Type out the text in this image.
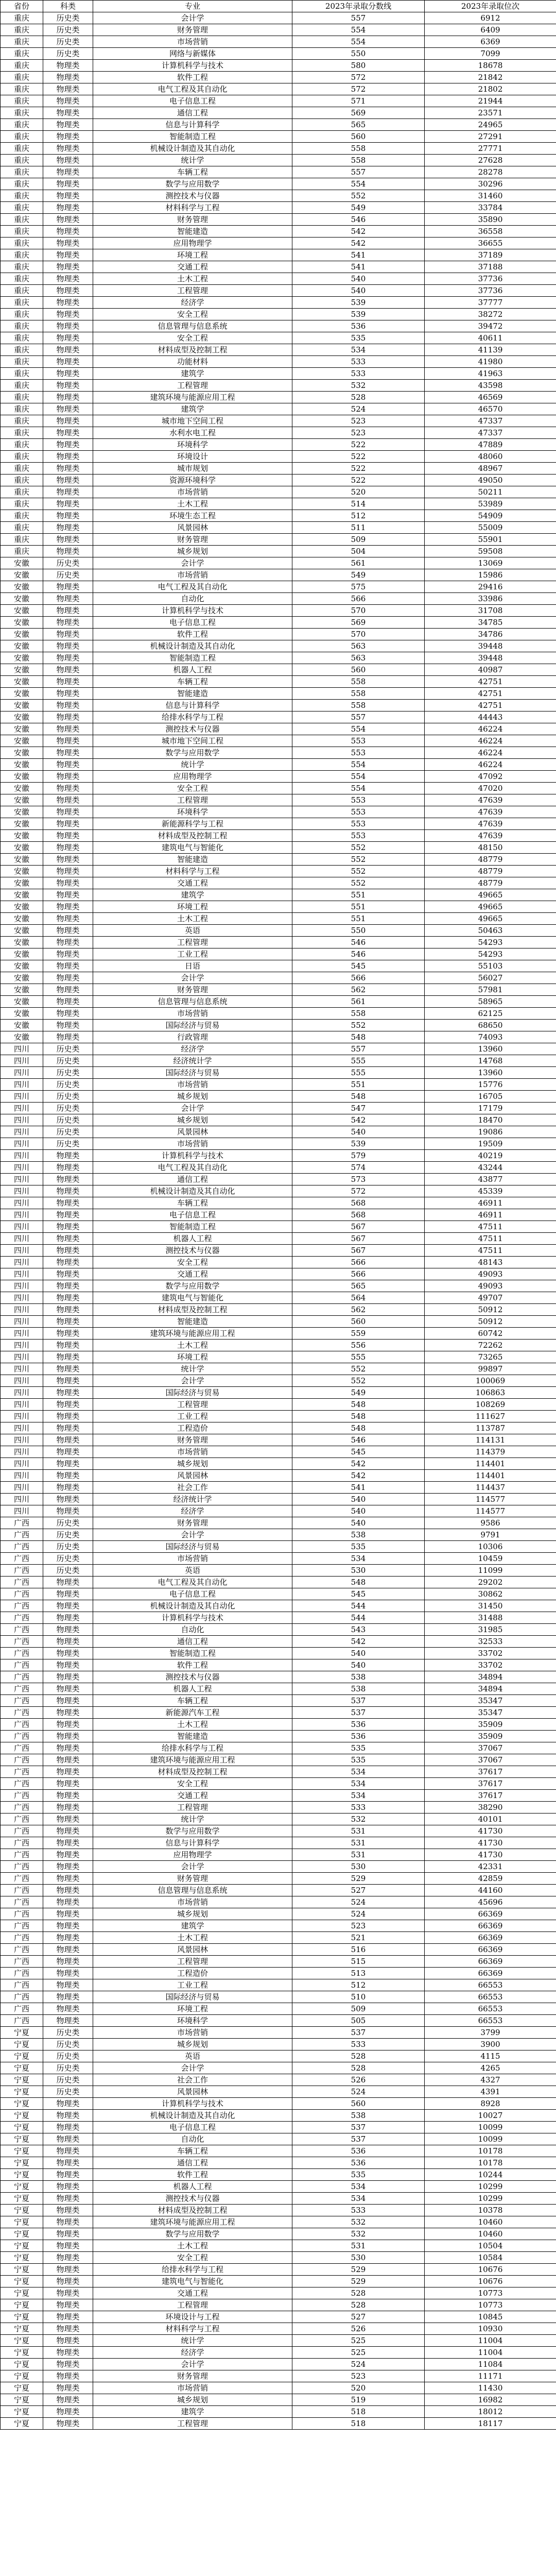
省份	科类	专业	2023年录取分数线	2023年录取位次
重庆	历史类	会计学	557	6912
重庆	历史类	财务管理	554	6409
重庆	历史类	市场营销	554	6369
重庆	历史类	网络与新媒体	550	7099
重庆	物理类	计算机科学与技术	580	18678
重庆	物理类	软件工程	572	21842
重庆	物理类	电气工程及其自动化	572	21802
重庆	物理类	电子信息工程	571	21944
重庆	物理类	通信工程	569	23571
重庆	物理类	信息与计算科学	565	24965
重庆	物理类	智能制造工程	560	27291
重庆	物理类	机械设计制造及其自动化	558	27771
重庆	物理类	统计学	558	27628
重庆	物理类	车辆工程	557	28278
重庆	物理类	数学与应用数学	554	30296
重庆	物理类	测控技术与仪器	552	31460
重庆	物理类	材料科学与工程	549	33784
重庆	物理类	财务管理	546	35890
重庆	物理类	智能建造	542	36558
重庆	物理类	应用物理学	542	36655
重庆	物理类	环境工程	541	37189
重庆	物理类	交通工程	541	37188
重庆	物理类	土木工程	540	37736
重庆	物理类	工程管理	540	37736
重庆	物理类	经济学	539	37777
重庆	物理类	安全工程	539	38272
重庆	物理类	信息管理与信息系统	536	39472
重庆	物理类	安全工程	535	40611
重庆	物理类	材料成型及控制工程	534	41139
重庆	物理类	功能材料	533	41980
重庆	物理类	建筑学	533	41963
重庆	物理类	工程管理	532	43598
重庆	物理类	建筑环境与能源应用工程	528	46569
重庆	物理类	建筑学	524	46570
重庆	物理类	城市地下空间工程	523	47337
重庆	物理类	水利水电工程	523	47337
重庆	物理类	环境科学	522	47889
重庆	物理类	环境设计	522	48060
重庆	物理类	城市规划	522	48967
重庆	物理类	资源环境科学	522	49050
重庆	物理类	市场营销	520	50211
重庆	物理类	土木工程	514	53989
重庆	物理类	环境生态工程	512	54909
重庆	物理类	风景园林	511	55009
重庆	物理类	财务管理	509	55901
重庆	物理类	城乡规划	504	59508
安徽	历史类	会计学	561	13069
安徽	历史类	市场营销	549	15986
安徽	物理类	电气工程及其自动化	575	29416
安徽	物理类	自动化	566	33986
安徽	物理类	计算机科学与技术	570	31708
安徽	物理类	电子信息工程	569	34785
安徽	物理类	软件工程	570	34786
安徽	物理类	机械设计制造及其自动化	563	39448
安徽	物理类	智能制造工程	563	39448
安徽	物理类	机器人工程	560	40987
安徽	物理类	车辆工程	558	42751
安徽	物理类	智能建造	558	42751
安徽	物理类	信息与计算科学	558	42751
安徽	物理类	给排水科学与工程	557	44443
安徽	物理类	测控技术与仪器	554	46224
安徽	物理类	城市地下空间工程	553	46224
安徽	物理类	数学与应用数学	553	46224
安徽	物理类	统计学	554	46224
安徽	物理类	应用物理学	554	47092
安徽	物理类	安全工程	554	47020
安徽	物理类	工程管理	553	47639
安徽	物理类	环境科学	553	47639
安徽	物理类	新能源科学与工程	553	47639
安徽	物理类	材料成型及控制工程	553	47639
安徽	物理类	建筑电气与智能化	552	48150
安徽	物理类	智能建造	552	48779
安徽	物理类	材料科学与工程	552	48779
安徽	物理类	交通工程	552	48779
安徽	物理类	建筑学	551	49665
安徽	物理类	环境工程	551	49665
安徽	物理类	土木工程	551	49665
安徽	物理类	英语	550	50463
安徽	物理类	工程管理	546	54293
安徽	物理类	工业工程	546	54293
安徽	物理类	日语	545	55103
安徽	物理类	会计学	566	56027
安徽	物理类	财务管理	562	57981
安徽	物理类	信息管理与信息系统	561	58965
安徽	物理类	市场营销	558	62125
安徽	物理类	国际经济与贸易	552	68650
安徽	物理类	行政管理	548	74093
四川	历史类	经济学	557	13960
四川	历史类	经济统计学	555	14768
四川	历史类	国际经济与贸易	555	13960
四川	历史类	市场营销	551	15776
四川	历史类	城乡规划	548	16705
四川	历史类	会计学	547	17179
四川	历史类	城乡规划	542	18470
四川	历史类	风景园林	540	19086
四川	历史类	市场营销	539	19509
四川	物理类	计算机科学与技术	579	40219
四川	物理类	电气工程及其自动化	574	43244
四川	物理类	通信工程	573	43877
四川	物理类	机械设计制造及其自动化	572	45339
四川	物理类	车辆工程	568	46911
四川	物理类	电子信息工程	568	46911
四川	物理类	智能制造工程	567	47511
四川	物理类	机器人工程	567	47511
四川	物理类	测控技术与仪器	567	47511
四川	物理类	安全工程	566	48143
四川	物理类	交通工程	566	49093
四川	物理类	数学与应用数学	565	49093
四川	物理类	建筑电气与智能化	564	49707
四川	物理类	材料成型及控制工程	562	50912
四川	物理类	智能建造	560	50912
四川	物理类	建筑环境与能源应用工程	559	60742
四川	物理类	土木工程	556	72262
四川	物理类	环境工程	555	73265
四川	物理类	统计学	552	99897
四川	物理类	会计学	552	100069
四川	物理类	国际经济与贸易	549	106863
四川	物理类	工程管理	548	108269
四川	物理类	工业工程	548	111627
四川	物理类	工程造价	548	113787
四川	物理类	财务管理	546	114131
四川	物理类	市场营销	545	114379
四川	物理类	城乡规划	542	114401
四川	物理类	风景园林	542	114401
四川	物理类	社会工作	541	114437
四川	物理类	经济统计学	540	114577
四川	物理类	经济学	540	114577
广西	历史类	财务管理	540	9586
广西	历史类	会计学	538	9791
广西	历史类	国际经济与贸易	535	10306
广西	历史类	市场营销	534	10459
广西	历史类	英语	530	11099
广西	物理类	电气工程及其自动化	548	29202
广西	物理类	电子信息工程	545	30862
广西	物理类	机械设计制造及其自动化	544	31450
广西	物理类	计算机科学与技术	544	31488
广西	物理类	自动化	543	31985
广西	物理类	通信工程	542	32533
广西	物理类	智能制造工程	540	33702
广西	物理类	软件工程	540	33702
广西	物理类	测控技术与仪器	538	34894
广西	物理类	机器人工程	538	34894
广西	物理类	车辆工程	537	35347
广西	物理类	新能源汽车工程	537	35347
广西	物理类	土木工程	536	35909
广西	物理类	智能建造	536	35909
广西	物理类	给排水科学与工程	535	37067
广西	物理类	建筑环境与能源应用工程	535	37067
广西	物理类	材料成型及控制工程	534	37617
广西	物理类	安全工程	534	37617
广西	物理类	交通工程	534	37617
广西	物理类	工程管理	533	38290
广西	物理类	统计学	532	40101
广西	物理类	数学与应用数学	531	41730
广西	物理类	信息与计算科学	531	41730
广西	物理类	应用物理学	531	41730
广西	物理类	会计学	530	42331
广西	物理类	财务管理	529	42859
广西	物理类	信息管理与信息系统	527	44160
广西	物理类	市场营销	524	45696
广西	物理类	城乡规划	524	66369
广西	物理类	建筑学	523	66369
广西	物理类	土木工程	521	66369
广西	物理类	风景园林	516	66369
广西	物理类	工程管理	515	66369
广西	物理类	工程造价	513	66369
广西	物理类	工业工程	512	66553
广西	物理类	国际经济与贸易	510	66553
广西	物理类	环境工程	509	66553
广西	物理类	环境科学	505	66553
宁夏	历史类	市场营销	537	3799
宁夏	历史类	城乡规划	533	3900
宁夏	历史类	英语	528	4115
宁夏	历史类	会计学	528	4265
宁夏	历史类	社会工作	526	4327
宁夏	历史类	风景园林	524	4391
宁夏	物理类	计算机科学与技术	560	8928
宁夏	物理类	机械设计制造及其自动化	538	10027
宁夏	物理类	电子信息工程	537	10099
宁夏	物理类	自动化	537	10099
宁夏	物理类	车辆工程	536	10178
宁夏	物理类	通信工程	536	10178
宁夏	物理类	软件工程	535	10244
宁夏	物理类	机器人工程	534	10299
宁夏	物理类	测控技术与仪器	534	10299
宁夏	物理类	材料成型及控制工程	533	10378
宁夏	物理类	建筑环境与能源应用工程	532	10460
宁夏	物理类	数学与应用数学	532	10460
宁夏	物理类	土木工程	531	10504
宁夏	物理类	安全工程	530	10584
宁夏	物理类	给排水科学与工程	529	10676
宁夏	物理类	建筑电气与智能化	529	10676
宁夏	物理类	交通工程	528	10773
宁夏	物理类	工程管理	528	10773
宁夏	物理类	环境设计与工程	527	10845
宁夏	物理类	材料科学与工程	526	10930
宁夏	物理类	统计学	525	11004
宁夏	物理类	经济学	525	11004
宁夏	物理类	会计学	524	11084
宁夏	物理类	财务管理	523	11171
宁夏	物理类	市场营销	520	11430
宁夏	物理类	城乡规划	519	16982
宁夏	物理类	建筑学	518	18012
宁夏	物理类	工程管理	518	18117
